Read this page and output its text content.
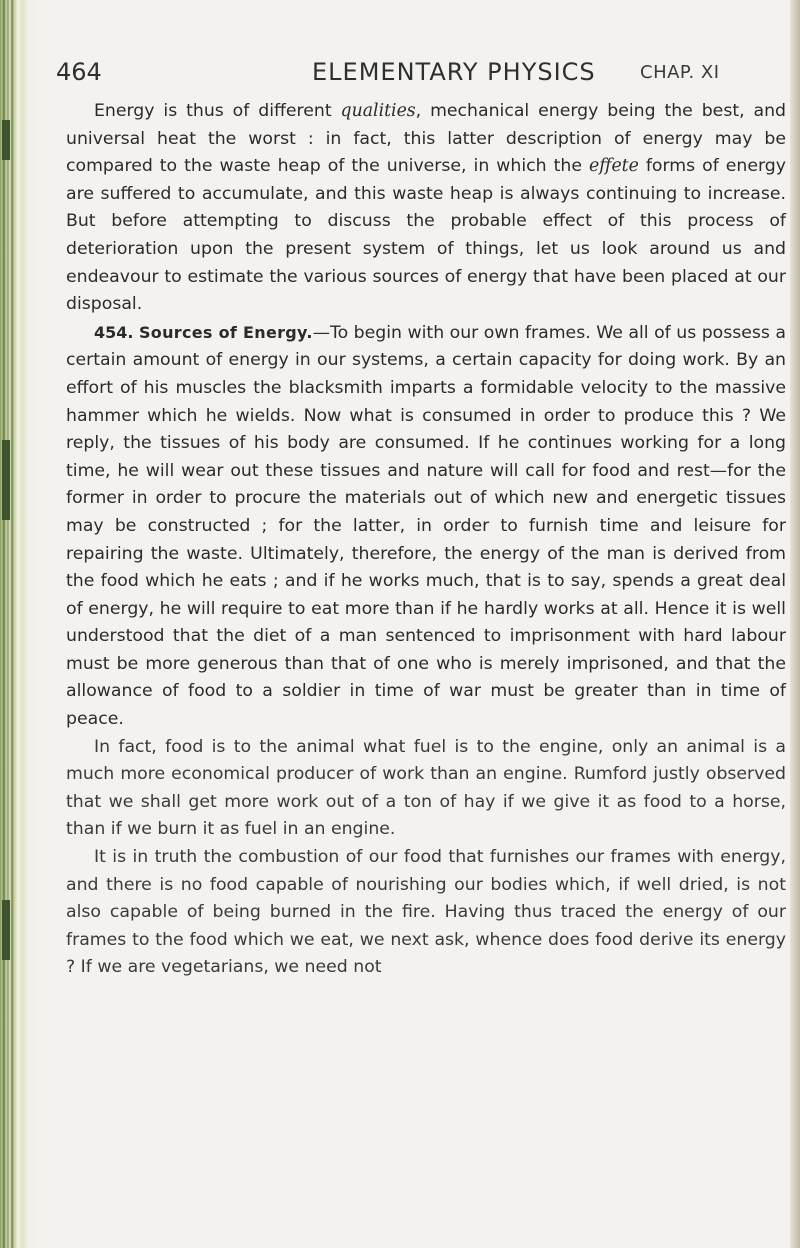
464	ELEMENTARY PHYSICS CHAP. XI

Energy is thus of different qualities, mechanical energy being the best, and universal heat the worst : in fact, this latter description of energy may be compared to the waste heap of the universe, in which the effete forms of energy are suffered to accumulate, and this waste heap is always continuing to increase. But before attempting to discuss the probable effect of this process of deterioration upon the present system of things, let us look around us and endeavour to estimate the various sources of energy that have been placed at our disposal.

454. Sources of Energy.—To begin with our own frames. We all of us possess a certain amount of energy in our systems, a certain capacity for doing work. By an effort of his muscles the blacksmith imparts a formidable velocity to the massive hammer which he wields. Now what is consumed in order to produce this ? We reply, the tissues of his body are consumed. If he continues working for a long time, he will wear out these tissues and nature will call for food and rest—for the former in order to procure the materials out of which new and energetic tissues may be constructed ; for the latter, in order to furnish time and leisure for repairing the waste. Ultimately, therefore, the energy of the man is derived from the food which he eats ; and if he works much, that is to say, spends a great deal of energy, he will require to eat more than if he hardly works at all. Hence it is well understood that the diet of a man sentenced to imprisonment with hard labour must be more generous than that of one who is merely imprisoned, and that the allowance of food to a soldier in time of war must be greater than in time of peace.

In fact, food is to the animal what fuel is to the engine, only an animal is a much more economical producer of work than an engine. Rumford justly observed that we shall get more work out of a ton of hay if we give it as food to a horse, than if we burn it as fuel in an engine.

It is in truth the combustion of our food that furnishes our frames with energy, and there is no food capable of nourishing our bodies which, if well dried, is not also capable of being burned in the fire. Having thus traced the energy of our frames to the food which we eat, we next ask, whence does food derive its energy ? If we are vegetarians, we need not
